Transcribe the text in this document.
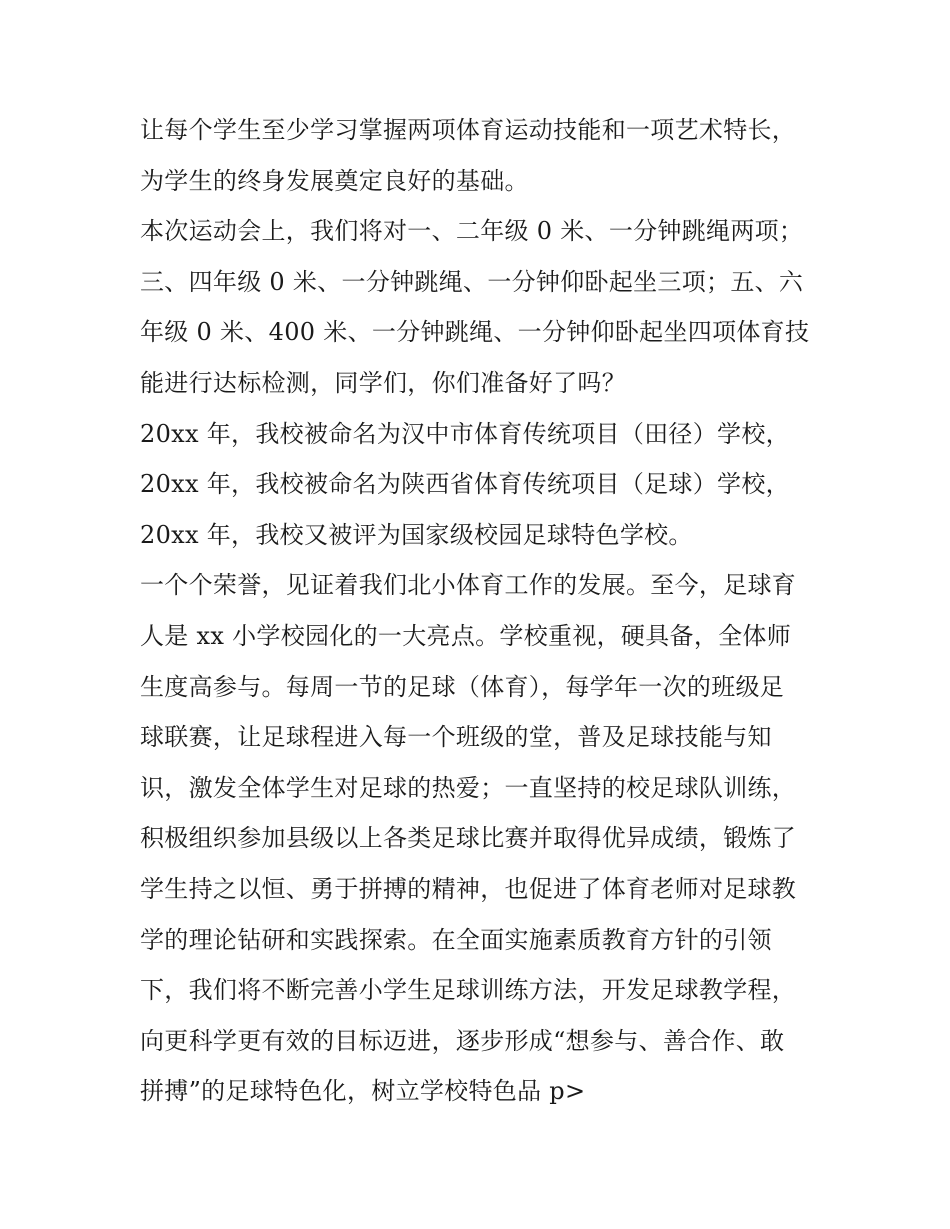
让每个学生至少学习掌握两项体育运动技能和一项艺术特长，
为学生的终身发展奠定良好的基础。
本次运动会上，我们将对一、二年级 0 米、一分钟跳绳两项；
三、四年级 0 米、一分钟跳绳、一分钟仰卧起坐三项；五、六
年级 0 米、400 米、一分钟跳绳、一分钟仰卧起坐四项体育技
能进行达标检测，同学们，你们准备好了吗？
20xx 年，我校被命名为汉中市体育传统项目（田径）学校，
20xx 年，我校被命名为陕西省体育传统项目（足球）学校，
20xx 年，我校又被评为国家级校园足球特色学校。
一个个荣誉，见证着我们北小体育工作的发展。至今，足球育
人是 xx 小学校园化的一大亮点。学校重视，硬具备，全体师
生度高参与。每周一节的足球（体育），每学年一次的班级足
球联赛，让足球程进入每一个班级的堂，普及足球技能与知
识，激发全体学生对足球的热爱；一直坚持的校足球队训练，
积极组织参加县级以上各类足球比赛并取得优异成绩，锻炼了
学生持之以恒、勇于拼搏的精神，也促进了体育老师对足球教
学的理论钻研和实践探索。在全面实施素质教育方针的引领
下，我们将不断完善小学生足球训练方法，开发足球教学程，
向更科学更有效的目标迈进，逐步形成“想参与、善合作、敢
拼搏”的足球特色化，树立学校特色品 p>
